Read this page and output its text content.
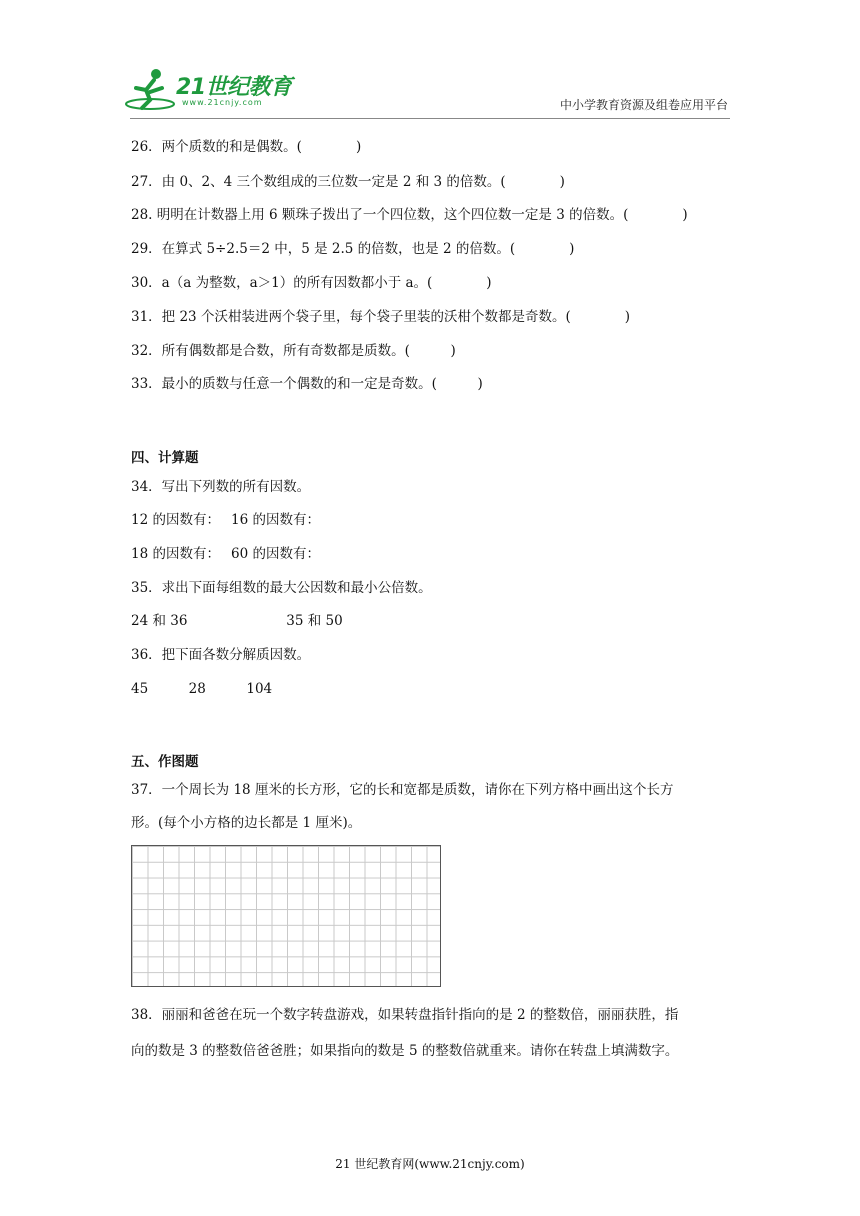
21世纪教育
www.21cnjy.com	中小学教育资源及组卷应用平台
26．两个质数的和是偶数。(　　　　)
27．由 0、2、4 三个数组成的三位数一定是 2 和 3 的倍数。(　　　　)
28. 明明在计数器上用 6 颗珠子拨出了一个四位数，这个四位数一定是 3 的倍数。(　　　　)
29．在算式 5÷2.5＝2 中，5 是 2.5 的倍数，也是 2 的倍数。(　　　　)
30．a（a 为整数，a＞1）的所有因数都小于 a。(　　　　)
31．把 23 个沃柑装进两个袋子里，每个袋子里装的沃柑个数都是奇数。(　　　　)
32．所有偶数都是合数，所有奇数都是质数。(　　　)
33．最小的质数与任意一个偶数的和一定是奇数。(　　　)
四、计算题
34．写出下列数的所有因数。
12 的因数有：　 16 的因数有：
18 的因数有：　 60 的因数有：
35．求出下面每组数的最大公因数和最小公倍数。
24 和 36　　　　　　　 35 和 50
36．把下面各数分解质因数。
45　　　28　　　104
五、作图题
37．一个周长为 18 厘米的长方形，它的长和宽都是质数，请你在下列方格中画出这个长方
形。(每个小方格的边长都是 1 厘米)。
38．丽丽和爸爸在玩一个数字转盘游戏，如果转盘指针指向的是 2 的整数倍，丽丽获胜，指
向的数是 3 的整数倍爸爸胜；如果指向的数是 5 的整数倍就重来。请你在转盘上填满数字。
21 世纪教育网(www.21cnjy.com)
